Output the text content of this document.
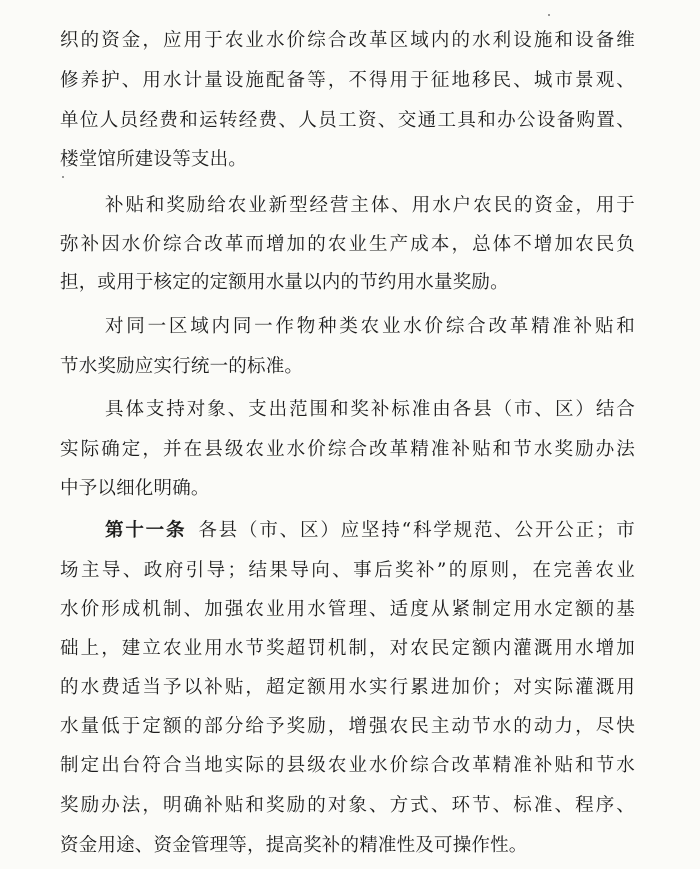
织的资金，应用于农业水价综合改革区域内的水利设施和设备维
修养护、用水计量设施配备等，不得用于征地移民、城市景观、
单位人员经费和运转经费、人员工资、交通工具和办公设备购置、
楼堂馆所建设等支出。
补贴和奖励给农业新型经营主体、用水户农民的资金，用于
弥补因水价综合改革而增加的农业生产成本，总体不增加农民负
担，或用于核定的定额用水量以内的节约用水量奖励。
对同一区域内同一作物种类农业水价综合改革精准补贴和
节水奖励应实行统一的标准。
具体支持对象、支出范围和奖补标准由各县（市、区）结合
实际确定，并在县级农业水价综合改革精准补贴和节水奖励办法
中予以细化明确。
第十一条 各县（市、区）应坚持“科学规范、公开公正；市
场主导、政府引导；结果导向、事后奖补”的原则，在完善农业
水价形成机制、加强农业用水管理、适度从紧制定用水定额的基
础上，建立农业用水节奖超罚机制，对农民定额内灌溉用水增加
的水费适当予以补贴，超定额用水实行累进加价；对实际灌溉用
水量低于定额的部分给予奖励，增强农民主动节水的动力，尽快
制定出台符合当地实际的县级农业水价综合改革精准补贴和节水
奖励办法，明确补贴和奖励的对象、方式、环节、标准、程序、
资金用途、资金管理等，提高奖补的精准性及可操作性。
